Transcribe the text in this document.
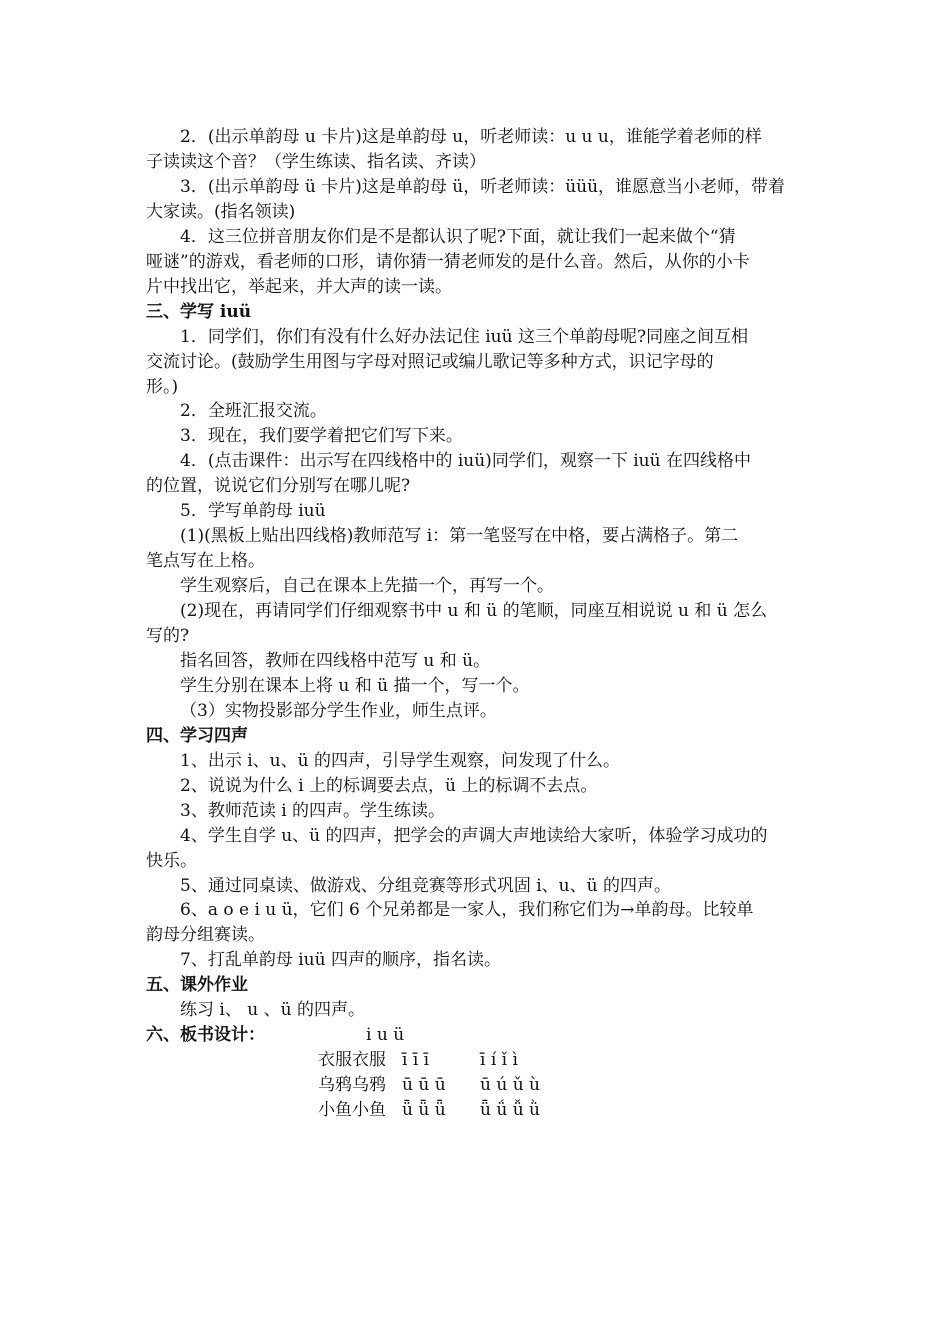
2．(出示单韵母 u 卡片)这是单韵母 u，听老师读：u u u，谁能学着老师的样
子读读这个音？（学生练读、指名读、齐读）
3．(出示单韵母 ü 卡片)这是单韵母 ü，听老师读：üüü，谁愿意当小老师，带着
大家读。(指名领读)
4．这三位拼音朋友你们是不是都认识了呢?下面，就让我们一起来做个“猜
哑谜”的游戏，看老师的口形，请你猜一猜老师发的是什么音。然后，从你的小卡
片中找出它，举起来，并大声的读一读。
三、学写 iuü
1．同学们，你们有没有什么好办法记住 iuü 这三个单韵母呢?同座之间互相
交流讨论。(鼓励学生用图与字母对照记或编儿歌记等多种方式，识记字母的
形。)
2．全班汇报交流。
3．现在，我们要学着把它们写下来。
4．(点击课件：出示写在四线格中的 iuü)同学们，观察一下 iuü 在四线格中
的位置，说说它们分别写在哪儿呢?
5．学写单韵母 iuü
(1)(黑板上贴出四线格)教师范写 i：第一笔竖写在中格，要占满格子。第二
笔点写在上格。
学生观察后，自己在课本上先描一个，再写一个。
(2)现在，再请同学们仔细观察书中 u 和 ü 的笔顺，同座互相说说 u 和 ü 怎么
写的?
指名回答，教师在四线格中范写 u 和 ü。
学生分别在课本上将 u 和 ü 描一个，写一个。
（3）实物投影部分学生作业，师生点评。
四、学习四声
1、出示 i、u、ü 的四声，引导学生观察，问发现了什么。
2、说说为什么 i 上的标调要去点，ü 上的标调不去点。
3、教师范读 i 的四声。学生练读。
4、学生自学 u、ü 的四声，把学会的声调大声地读给大家听，体验学习成功的
快乐。
5、通过同桌读、做游戏、分组竞赛等形式巩固 i、u、ü 的四声。
6、a o e i u ü，它们 6 个兄弟都是一家人，我们称它们为→单韵母。比较单
韵母分组赛读。
7、打乱单韵母 iuü 四声的顺序，指名读。
五、课外作业
练习 i、 u 、ü 的四声。
六、板书设计：	i u ü
衣服衣服 ī ī ī	ī í ǐ ì
乌鸦乌鸦 ū ū ū ū ú ǔ ù
小鱼小鱼 ǖ ǖ ǖ ǖ ǘ ǚ ǜ
